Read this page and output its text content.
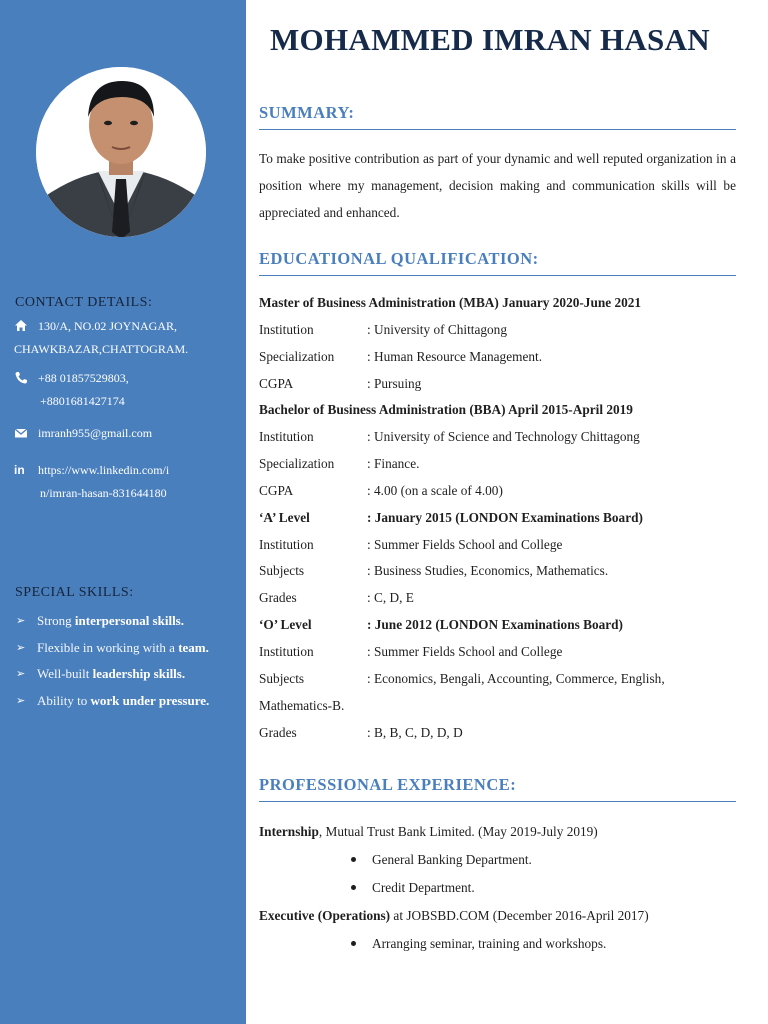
CONTACT DETAILS:
130/A, NO.02 JOYNAGAR,
CHAWKBAZAR,CHATTOGRAM.
+88 01857529803,
+8801681427174
imranh955@gmail.com
in https://www.linkedin.com/i
n/imran-hasan-831644180
SPECIAL SKILLS:
➢ Strong interpersonal skills.
➢ Flexible in working with a team.
➢ Well-built leadership skills.
➢ Ability to work under pressure.
MOHAMMED IMRAN HASAN
SUMMARY:

To make positive contribution as part of your dynamic and well reputed organization in a position where my management, decision making and communication skills will be appreciated and enhanced.

EDUCATIONAL QUALIFICATION:
Master of Business Administration (MBA) January 2020-June 2021
Institution	: University of Chittagong
Specialization : Human Resource Management.
CGPA	: Pursuing
Bachelor of Business Administration (BBA) April 2015-April 2019
Institution	: University of Science and Technology Chittagong
Specialization : Finance.
CGPA	: 4.00 (on a scale of 4.00)
‘A’ Level	: January 2015 (LONDON Examinations Board)
Institution	: Summer Fields School and College
Subjects	: Business Studies, Economics, Mathematics.
Grades	: C, D, E
‘O’ Level	: June 2012 (LONDON Examinations Board)
Institution	: Summer Fields School and College
Subjects	: Economics, Bengali, Accounting, Commerce, English,
Mathematics-B.
Grades	: B, B, C, D, D, D
PROFESSIONAL EXPERIENCE:
Internship, Mutual Trust Bank Limited. (May 2019-July 2019)
General Banking Department.
Credit Department.
Executive (Operations) at JOBSBD.COM (December 2016-April 2017)
Arranging seminar, training and workshops.
